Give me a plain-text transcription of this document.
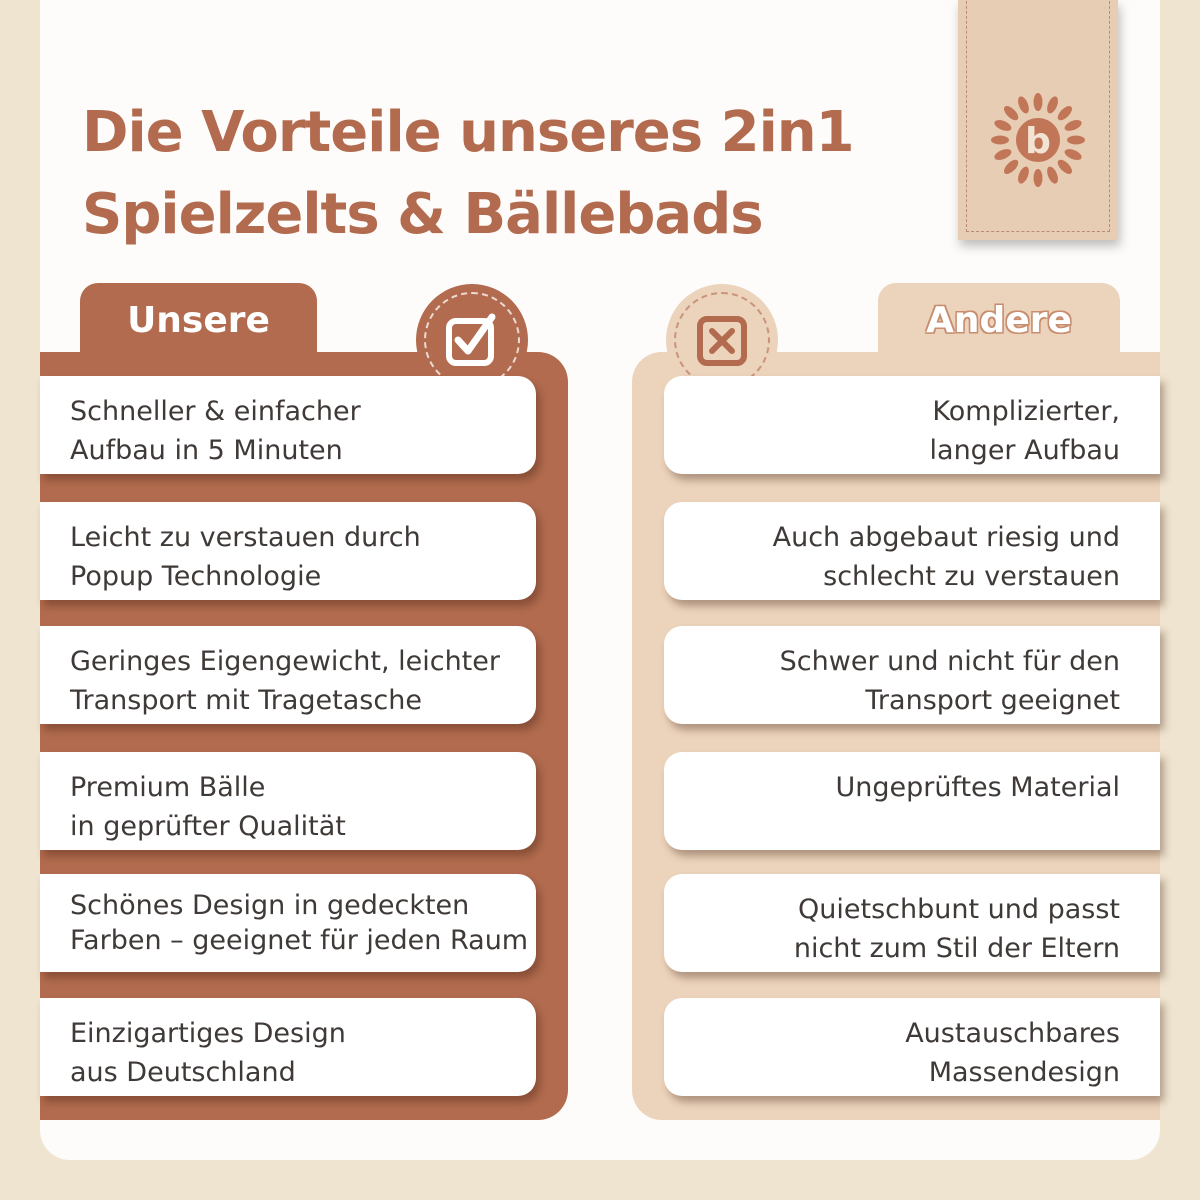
Die Vorteile unseres 2in1
Spielzelts & Bällebads
b
Unsere	Andere
Schneller & einfacher
Aufbau in 5 Minuten
Leicht zu verstauen durch
Popup Technologie
Geringes Eigengewicht, leichter
Transport mit Tragetasche
Premium Bälle
in geprüfter Qualität
Schönes Design in gedeckten
Farben – geeignet für jeden Raum
Einzigartiges Design
aus Deutschland
Komplizierter,
langer Aufbau
Auch abgebaut riesig und
schlecht zu verstauen
Schwer und nicht für den
Transport geeignet
Ungeprüftes Material
Quietschbunt und passt
nicht zum Stil der Eltern
Austauschbares
Massendesign
